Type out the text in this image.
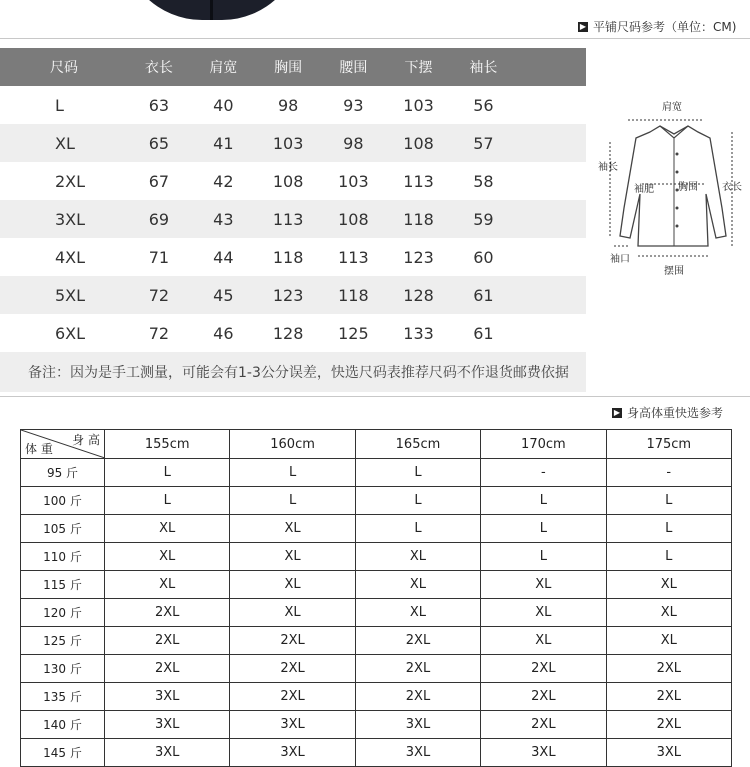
▶ 平铺尺码参考（单位：CM)
尺码	衣长	肩宽	胸围	腰围	下摆	袖长	
L	63	40	98	93	103	56	
XL	65	41	103	98	108	57	
2XL	67	42	108	103	113	58	
3XL	69	43	113	108	118	59	
4XL	71	44	118	113	123	60	
5XL	72	45	123	118	128	61	
6XL	72	46	128	125	133	61	
备注：因为是手工测量，可能会有1-3公分误差，快选尺码表推荐尺码不作退货邮费依据							
肩宽
袖长
袖肥 胸围 衣长
袖口
摆围
▶ 身高体重快选参考
身 高
体 重	155cm	160cm	165cm	170cm	175cm
95 斤	L	L	L	-	-
100 斤	L	L	L	L	L
105 斤	XL	XL	L	L	L
110 斤	XL	XL	XL	L	L
115 斤	XL	XL	XL	XL	XL
120 斤	2XL	XL	XL	XL	XL
125 斤	2XL	2XL	2XL	XL	XL
130 斤	2XL	2XL	2XL	2XL	2XL
135 斤	3XL	2XL	2XL	2XL	2XL
140 斤	3XL	3XL	3XL	2XL	2XL
145 斤	3XL	3XL	3XL	3XL	3XL
